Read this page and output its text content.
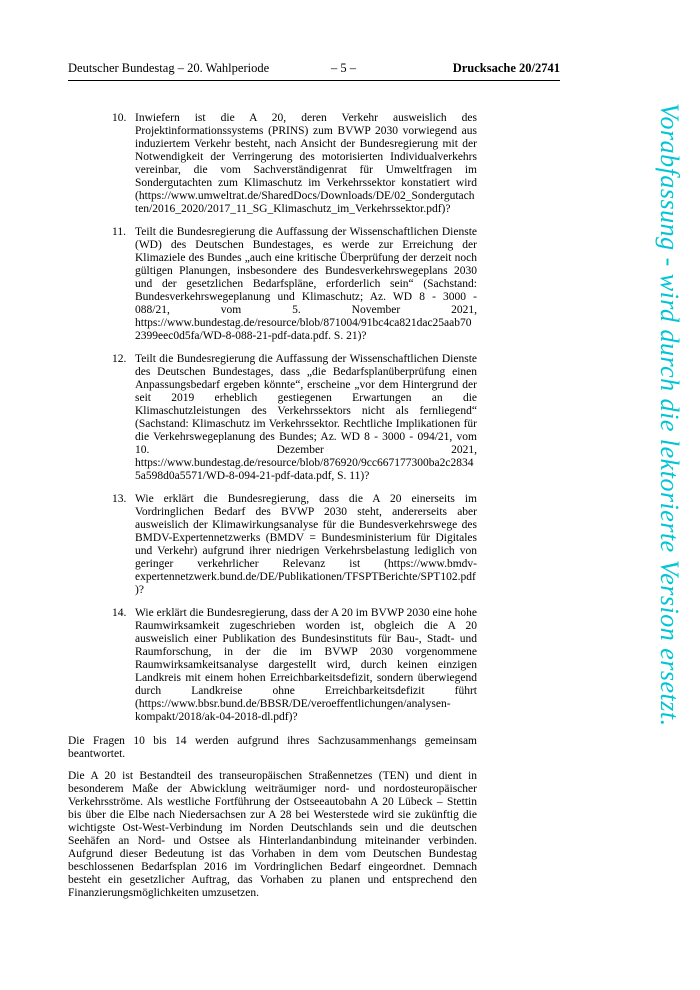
Vorabfassung - wird durch die lektorierte Version ersetzt.
Deutscher Bundestag – 20. Wahlperiode	– 5 –	Drucksache 20/2741
10. Inwiefern ist die A 20, deren Verkehr ausweislich des Projektinformationssystems (PRINS) zum BVWP 2030 vorwiegend aus induziertem Verkehr besteht, nach Ansicht der Bundesregierung mit der Notwendigkeit der Verringerung des motorisierten Individualverkehrs vereinbar, die vom Sachverständigenrat für Umweltfragen im Sondergutachten zum Klimaschutz im Verkehrssektor konstatiert wird (https://www.umweltrat.de/SharedDocs/Downloads/DE/02_Sondergutachten/2016_2020/2017_11_SG_Klimaschutz_im_Verkehrssektor.pdf)?

11. Teilt die Bundesregierung die Auffassung der Wissenschaftlichen Dienste (WD) des Deutschen Bundestages, es werde zur Erreichung der Klimaziele des Bundes „auch eine kritische Überprüfung der derzeit noch gültigen Planungen, insbesondere des Bundesverkehrswegeplans 2030 und der gesetzlichen Bedarfspläne, erforderlich sein“ (Sachstand: Bundesverkehrswegeplanung und Klimaschutz; Az. WD 8 - 3000 - 088/21, vom 5. November 2021, https://www.bundestag.de/resource/blob/871004/91bc4ca821dac25aab702399eec0d5fa/WD-8-088-21-pdf-data.pdf. S. 21)?

12. Teilt die Bundesregierung die Auffassung der Wissenschaftlichen Dienste des Deutschen Bundestages, dass „die Bedarfsplanüberprüfung einen Anpassungsbedarf ergeben könnte“, erscheine „vor dem Hintergrund der seit 2019 erheblich gestiegenen Erwartungen an die Klimaschutzleistungen des Verkehrssektors nicht als fernliegend“ (Sachstand: Klimaschutz im Verkehrssektor. Rechtliche Implikationen für die Verkehrswegeplanung des Bundes; Az. WD 8 - 3000 - 094/21, vom 10. Dezember 2021, https://www.bundestag.de/resource/blob/876920/9cc667177300ba2c28345a598d0a5571/WD-8-094-21-pdf-data.pdf, S. 11)?

13. Wie erklärt die Bundesregierung, dass die A 20 einerseits im Vordringlichen Bedarf des BVWP 2030 steht, andererseits aber ausweislich der Klimawirkungsanalyse für die Bundesverkehrswege des BMDV-Expertennetzwerks (BMDV = Bundesministerium für Digitales und Verkehr) aufgrund ihrer niedrigen Verkehrsbelastung lediglich von geringer verkehrlicher Relevanz ist (https://www.bmdv-expertennetzwerk.bund.de/DE/Publikationen/TFSPTBerichte/SPT102.pdf)?

14. Wie erklärt die Bundesregierung, dass der A 20 im BVWP 2030 eine hohe Raumwirksamkeit zugeschrieben worden ist, obgleich die A 20 ausweislich einer Publikation des Bundesinstituts für Bau-, Stadt- und Raumforschung, in der die im BVWP 2030 vorgenommene Raumwirksamkeitsanalyse dargestellt wird, durch keinen einzigen Landkreis mit einem hohen Erreichbarkeitsdefizit, sondern überwiegend durch Landkreise ohne Erreichbarkeitsdefizit führt (https://www.bbsr.bund.de/BBSR/DE/veroeffentlichungen/analysen-kompakt/2018/ak-04-2018-dl.pdf)?

Die Fragen 10 bis 14 werden aufgrund ihres Sachzusammenhangs gemeinsam beantwortet.

Die A 20 ist Bestandteil des transeuropäischen Straßennetzes (TEN) und dient in besonderem Maße der Abwicklung weiträumiger nord- und nordosteuropäischer Verkehrsströme. Als westliche Fortführung der Ostseeautobahn A 20 Lübeck – Stettin bis über die Elbe nach Niedersachsen zur A 28 bei Westerstede wird sie zukünftig die wichtigste Ost-West-Verbindung im Norden Deutschlands sein und die deutschen Seehäfen an Nord- und Ostsee als Hinterlandanbindung miteinander verbinden. Aufgrund dieser Bedeutung ist das Vorhaben in dem vom Deutschen Bundestag beschlossenen Bedarfsplan 2016 im Vordringlichen Bedarf eingeordnet. Demnach besteht ein gesetzlicher Auftrag, das Vorhaben zu planen und entsprechend den Finanzierungsmöglichkeiten umzusetzen.
